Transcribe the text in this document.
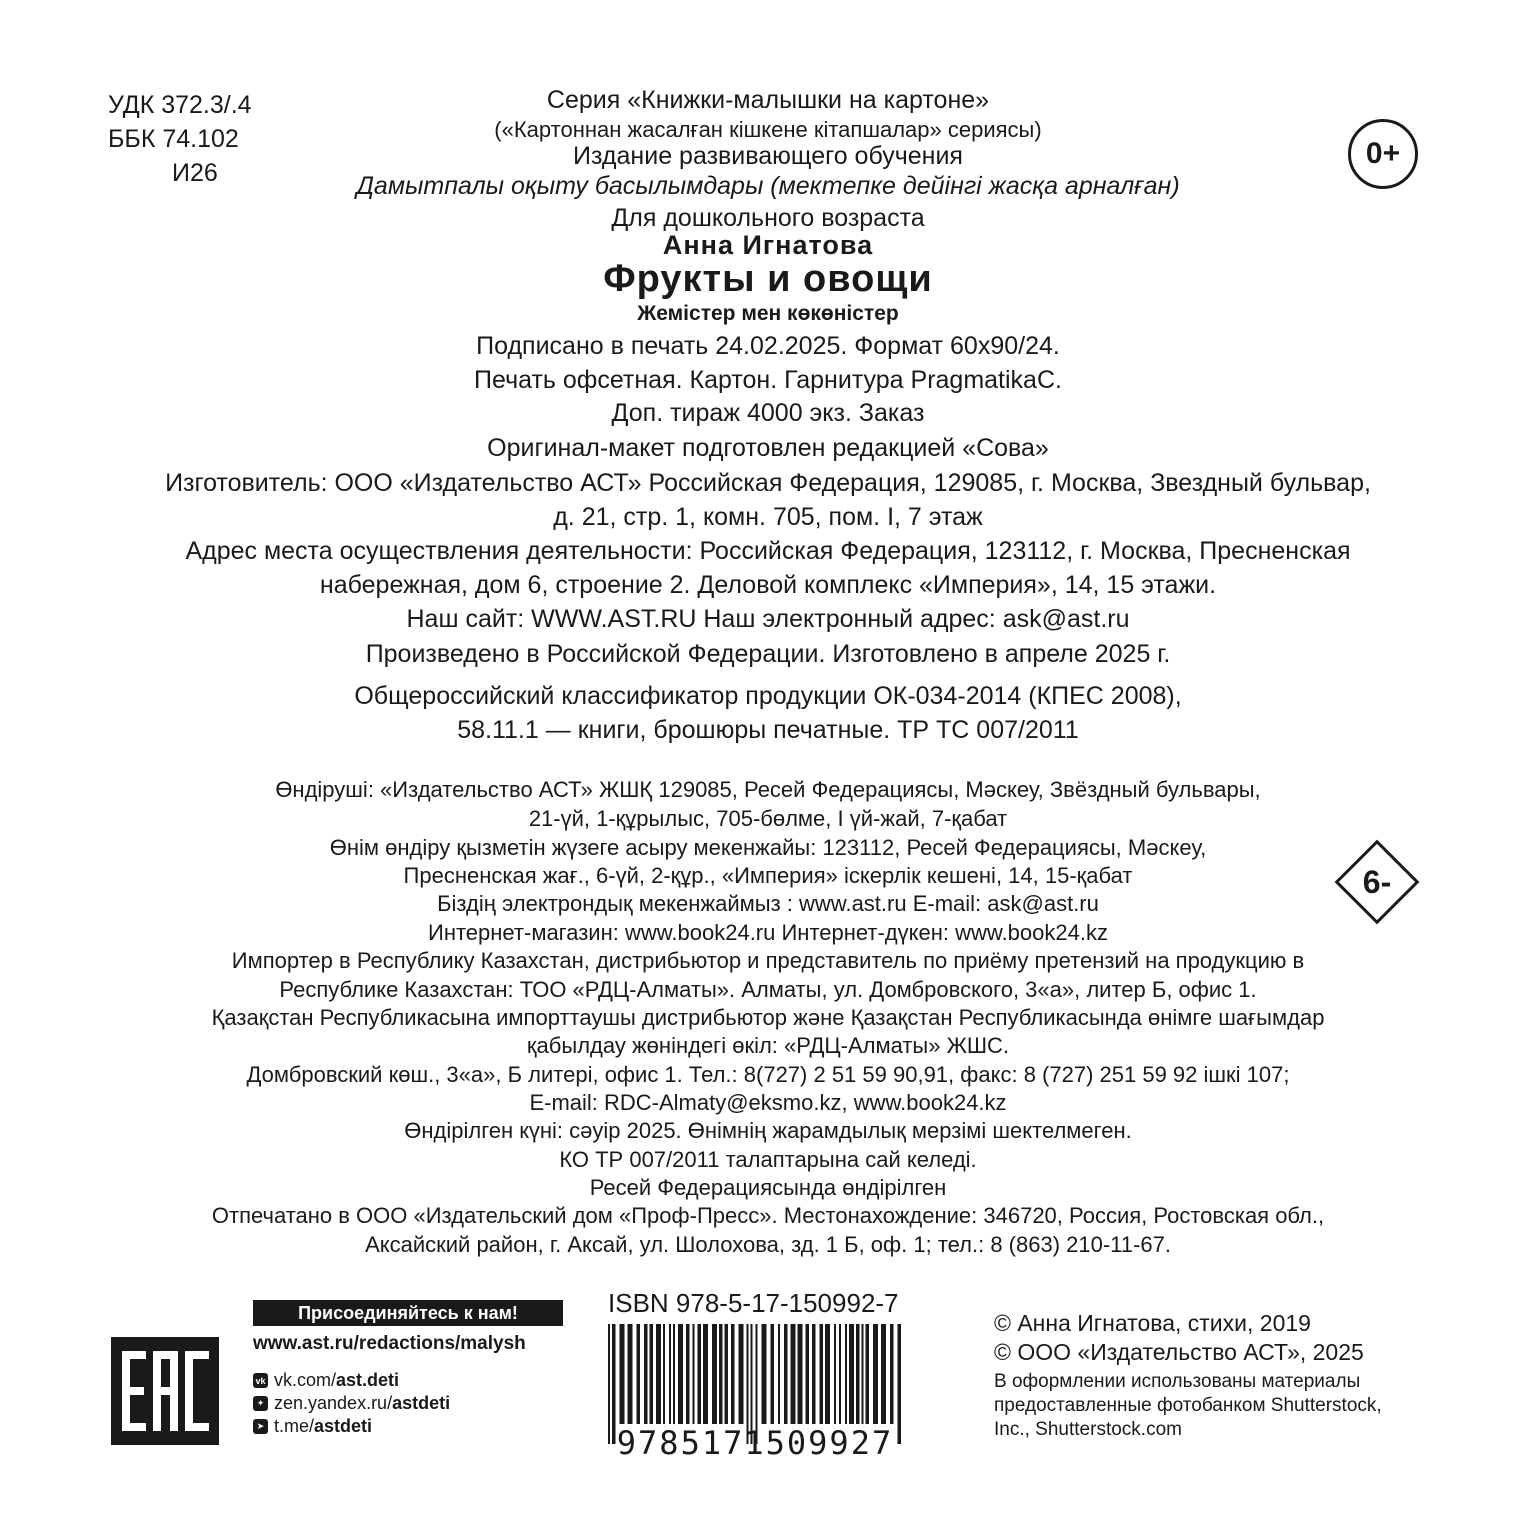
УДК 372.3/.4
ББК 74.102
И26
0+
Серия «Книжки-малышки на картоне»
(«Картоннан жасалған кішкене кітапшалар» сериясы)
Издание развивающего обучения
Дамытпалы оқыту басылымдары (мектепке дейінгі жасқа арналған)
Для дошкольного возраста
Анна Игнатова
Фрукты и овощи
Жемістер мен көкөністер
Подписано в печать 24.02.2025. Формат 60х90/24.
Печать офсетная. Картон. Гарнитура PragmatikaC.
Доп. тираж 4000 экз. Заказ
Оригинал-макет подготовлен редакцией «Сова»
Изготовитель: ООО «Издательство АСТ» Российская Федерация, 129085, г. Москва, Звездный бульвар,
д. 21, стр. 1, комн. 705, пом. I, 7 этаж
Адрес места осуществления деятельности: Российская Федерация, 123112, г. Москва, Пресненская
набережная, дом 6, строение 2. Деловой комплекс «Империя», 14, 15 этажи.
Наш сайт: WWW.AST.RU Наш электронный адрес: ask@ast.ru
Произведено в Российской Федерации. Изготовлено в апреле 2025 г.
Общероссийский классификатор продукции ОК-034-2014 (КПЕС 2008),
58.11.1 — книги, брошюры печатные. ТР ТС 007/2011
Өндіруші: «Издательство АСТ» ЖШҚ 129085, Ресей Федерациясы, Мәскеу, Звёздный бульвары,
21-үй, 1-құрылыс, 705-бөлме, I үй-жай, 7-қабат
Өнім өндіру қызметін жүзеге асыру мекенжайы: 123112, Ресей Федерациясы, Мәскеу,
Пресненская жағ., 6-үй, 2-құр., «Империя» іскерлік кешені, 14, 15-қабат
Біздің электрондық мекенжаймыз : www.ast.ru E-mail: ask@ast.ru
Интернет-магазин: www.book24.ru Интернет-дүкен: www.book24.kz
Импортер в Республику Казахстан, дистрибьютор и представитель по приёму претензий на продукцию в
Республике Казахстан: ТОО «РДЦ-Алматы». Алматы, ул. Домбровского, 3«а», литер Б, офис 1.
Қазақстан Республикасына импорттаушы дистрибьютор және Қазақстан Республикасында өнімге шағымдар
қабылдау жөніндегі өкіл: «РДЦ-Алматы» ЖШС.
Домбровский көш., 3«а», Б литері, офис 1. Тел.: 8(727) 2 51 59 90,91, факс: 8 (727) 251 59 92 ішкі 107;
E-mail: RDC-Almaty@eksmo.kz, www.book24.kz
Өндірілген күні: сәуір 2025. Өнімнің жарамдылық мерзімі шектелмеген.
КО ТР 007/2011 талаптарына сай келеді.
Ресей Федерациясында өндірілген
Отпечатано в ООО «Издательский дом «Проф-Пресс». Местонахождение: 346720, Россия, Ростовская обл.,
Аксайский район, г. Аксай, ул. Шолохова, зд. 1 Б, оф. 1; тел.: 8 (863) 210-11-67.
6-
Присоединяйтесь к нам!
www.ast.ru/redactions/malysh
vk vk.com/ ast.deti
✦ zen.yandex.ru/ astdeti
➤ t.me/ astdeti
ISBN 978-5-17-150992-7
9785171509927
© Анна Игнатова, стихи, 2019
© ООО «Издательство АСТ», 2025
В оформлении использованы материалы
предоставленные фотобанком Shutterstock,
Inc., Shutterstock.com
